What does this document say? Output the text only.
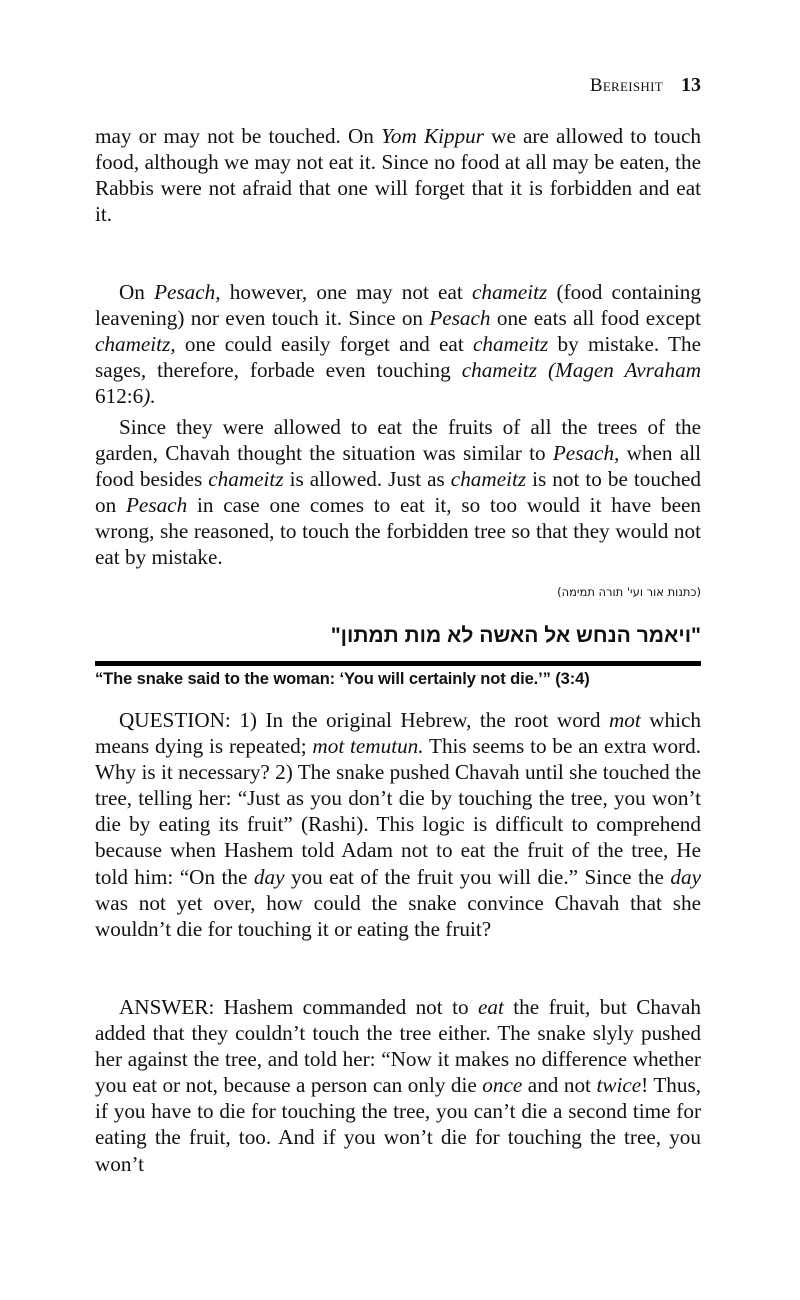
Bereishit 13

may or may not be touched. On Yom Kippur we are allowed to touch food, although we may not eat it. Since no food at all may be eaten, the Rabbis were not afraid that one will forget that it is forbidden and eat it.

On Pesach, however, one may not eat chameitz (food containing leavening) nor even touch it. Since on Pesach one eats all food except chameitz, one could easily forget and eat chameitz by mistake. The sages, therefore, forbade even touching chameitz (Magen Avraham 612:6).

Since they were allowed to eat the fruits of all the trees of the garden, Chavah thought the situation was similar to Pesach, when all food besides chameitz is allowed. Just as chameitz is not to be touched on Pesach in case one comes to eat it, so too would it have been wrong, she reasoned, to touch the forbidden tree so that they would not eat by mistake.

(כתנות אור ועי' תורה תמימה)
"ויאמר הנחש אל האשה לא מות תמתון"
“The snake said to the woman: ‘You will certainly not die.’” (3:4)

QUESTION: 1) In the original Hebrew, the root word mot which means dying is repeated; mot temutun. This seems to be an extra word. Why is it necessary? 2) The snake pushed Chavah until she touched the tree, telling her: “Just as you don’t die by touching the tree, you won’t die by eating its fruit” (Rashi). This logic is difficult to comprehend because when Hashem told Adam not to eat the fruit of the tree, He told him: “On the day you eat of the fruit you will die.” Since the day was not yet over, how could the snake convince Chavah that she wouldn’t die for touching it or eating the fruit?

ANSWER: Hashem commanded not to eat the fruit, but Chavah added that they couldn’t touch the tree either. The snake slyly pushed her against the tree, and told her: “Now it makes no difference whether you eat or not, because a person can only die once and not twice! Thus, if you have to die for touching the tree, you can’t die a second time for eating the fruit, too. And if you won’t die for touching the tree, you won’t
